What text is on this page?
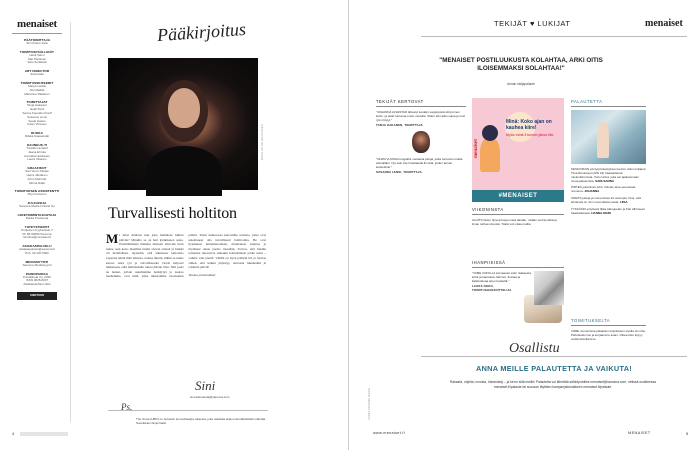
menaiset
PÄÄTOIMITTAJA
Sini Arlene Kela
TOIMITUSPÄÄLLIKÖT
Heidi Vanni
Sari Partanen
Satu Sonkkola
ART DIRECTOR
Jutta Aalto
TOIMITUSSIHTEERIT
Marjut Laukki
Siiri Mattila
Marianne Räsänen
TOIMITTAJAT
Tanja Hakanen
Heidi Perä
Sanna Kopsider Ruoff
Susanna Lensi
Seela Hasan
Kaisu Virtanen
RUOKA
Riikka Kaasamäki
KAUNEUS-TI
Tuulikki Lindelöf
Jaana Ehrola
Annukka Hokkanen
Laura Viitanen
GRAAFIKOT
Sari Vuori Juthaw
Helmi Jäntänen
Krimi Mehrnär
Minna Ralle
TOIMITUKSEN ASSISTENTTI
Pirjo Kettunen
JULKAISIJA
Sanoma Media Finland Oy
LIIKETOIMINTAJOHTAJA
Pekka Puolanoja
YHTEYSTIEDOT
Pohjoinen Kyyberkatu 7
PL 85 00089 Sanoma
toimitus@menaiset.fi
ASIAKASPALVELU
asiakaspalvelu@sanoma.fi
Puh. 09 120 5000
MEDIAMYYNTI
Sanoma Mediamyynti
PAINOPAIKKA
PunaMusta Oy, 2020
ISSN 0025-8297
Aikakauslehtien liitto
KIERTOON
Pääkirjoitus
KUVA ANNA HUOVINEN
Turvallisesti holtiton
Mi tulee mieleen kun joku mainitsee hullun päivän? Minulla se on heti kymmenen asiaa. Ensimmäisenä muistuu mieleen teini-iän tuttu tunne, kun koko maailma tuntui olevan edessä ja kaikki oli mahdollista. Ajattelin, että aikuisuus tarkoittaa vapautta tehdä mitä tahansa. Joskus mietin, mihin se tunne katosi. Arki, työ ja velvollisuudet vievät helposti mukanaan, eikä hulluttelulle tunnu jäävän tilaa. Silti juuri ne hetket, jolloin uskallamme heittäytyä ja nauraa itsellemme, ovat niitä, jotka muistamme vuosienkin päästä. Tässä numerossa kerromme naisista, jotka ovat uskaltaneet olla turvallisesti holtittomia. He ovat hypänneet tuntemattomaan, muuttaneet suuntaa ja löytäneet uusia puolia itsestään. Toivon, että heidän tarinansa innostavat sinuakin kokeilemaan jotain uutta – vaikka vain pientä. Välillä on hyvä päästää irti ja luottaa siihen, että kaikki järjestyy. Antoisia lukuhetkiä ja rohkeita päiviä!
Ihanaa joulunaikaa!
Sini
sini.arlenekela@sanoma.com
Ps.
The Great (HBO) on hulvaton komediasarja naisesta, joka uskaltaa elää omannäköistään elämää. Suosittelen lämpimästi.
4
TEKIJÄT ♥ LUKIJAT	menaiset
"MENAISET POSTILUUKUSTA KOLAHTAA, ARKI OITIS ILOISEMMAKSI SOLAHTAA!"
Annan lukijapalaute
TEKIJÄT KERTOVAT
"JOHANNA ALVESTAD lähestyi kevään suojatyöstä siirtyminen kotiin, ja asiat tuntuivat ensin vierailta. Sitten arki alkoi sujua ja uusi rytmi löytyi."
TANJA HAKANEN, TOIMITTAJA
"OLEM VUOSIA bongaillut mediasta juttuja, jotka tuntuvat omalta elämältäni. Nyt sain itse haastatella ihmisiä, joiden tarinat koskettivat."
SUSANNA LENSI, TOIMITTAJA
Minä: Koko ajan on kauhea kiire!
Myös minä 3 tunnin jaksa lita:
menaiset
#MENAISET
VIIKONINSTA
ALHITS listien hiyveä hoppu tasa tänään, mitään erehtymättä ja ilman turhaa stressiä. Tästä voit ottaa mallia.
IHANPIIKISSÄ
"VIIME VIIKOLLA korvaavan eslin raakaosta kohti ja kauttuiset hahmot. Ihanaa ja ilahduttavaa arjen keskellä."
LAURA OKKO, TOIMITUSHARJOITTELIJA
PALAUTETTA
KESKIVIKON pöntytyrinkeäryksen kerron viikon lukijana Tiina Ruustosen (MN 24) haastatteluun mielenkiinnoista. Tuttu tarina, joka sai ajattelemaan omaa jaksamista. SARI-SANNA
PIRTEÄ jokeulinen lehti. Odotan aina seuraavaa numeroa. JOHANNA
UPEITA juttuja ja numeroissa 24 uusimpia. Kiva, että lehdessä on niin monenlaisia naisia. LIISA
TYKKÄSIN erityisesti Ilkka Alanguelan ja Kari Alhinseen haastattelusta. HANNA-MARI
TOIMITUKSELTA
VIIME numeroissa julkaistun kirjoituksen sivulla oli virhe. Pahoittelemme ja korjaamme asian. Oikea tieto löytyy verkkosivuiltamme.
Osallistu
ANNA MEILLE PALAUTETTA JA VAIKUTA!
Rakasta, ohjeita, innosta, hämmästy – ja kerro siitä meille! Palautetta voi lähettää sähköpostitse menaiset@sanoma.com, netissä osoitteessa menaiset.fi/palaute tai suoraan täyttäen kampanjalomakkeen menaiset.fi/palaute.
KUVAT SANOMA MEDIA
www.menaiset.fi	MENAISET	5
